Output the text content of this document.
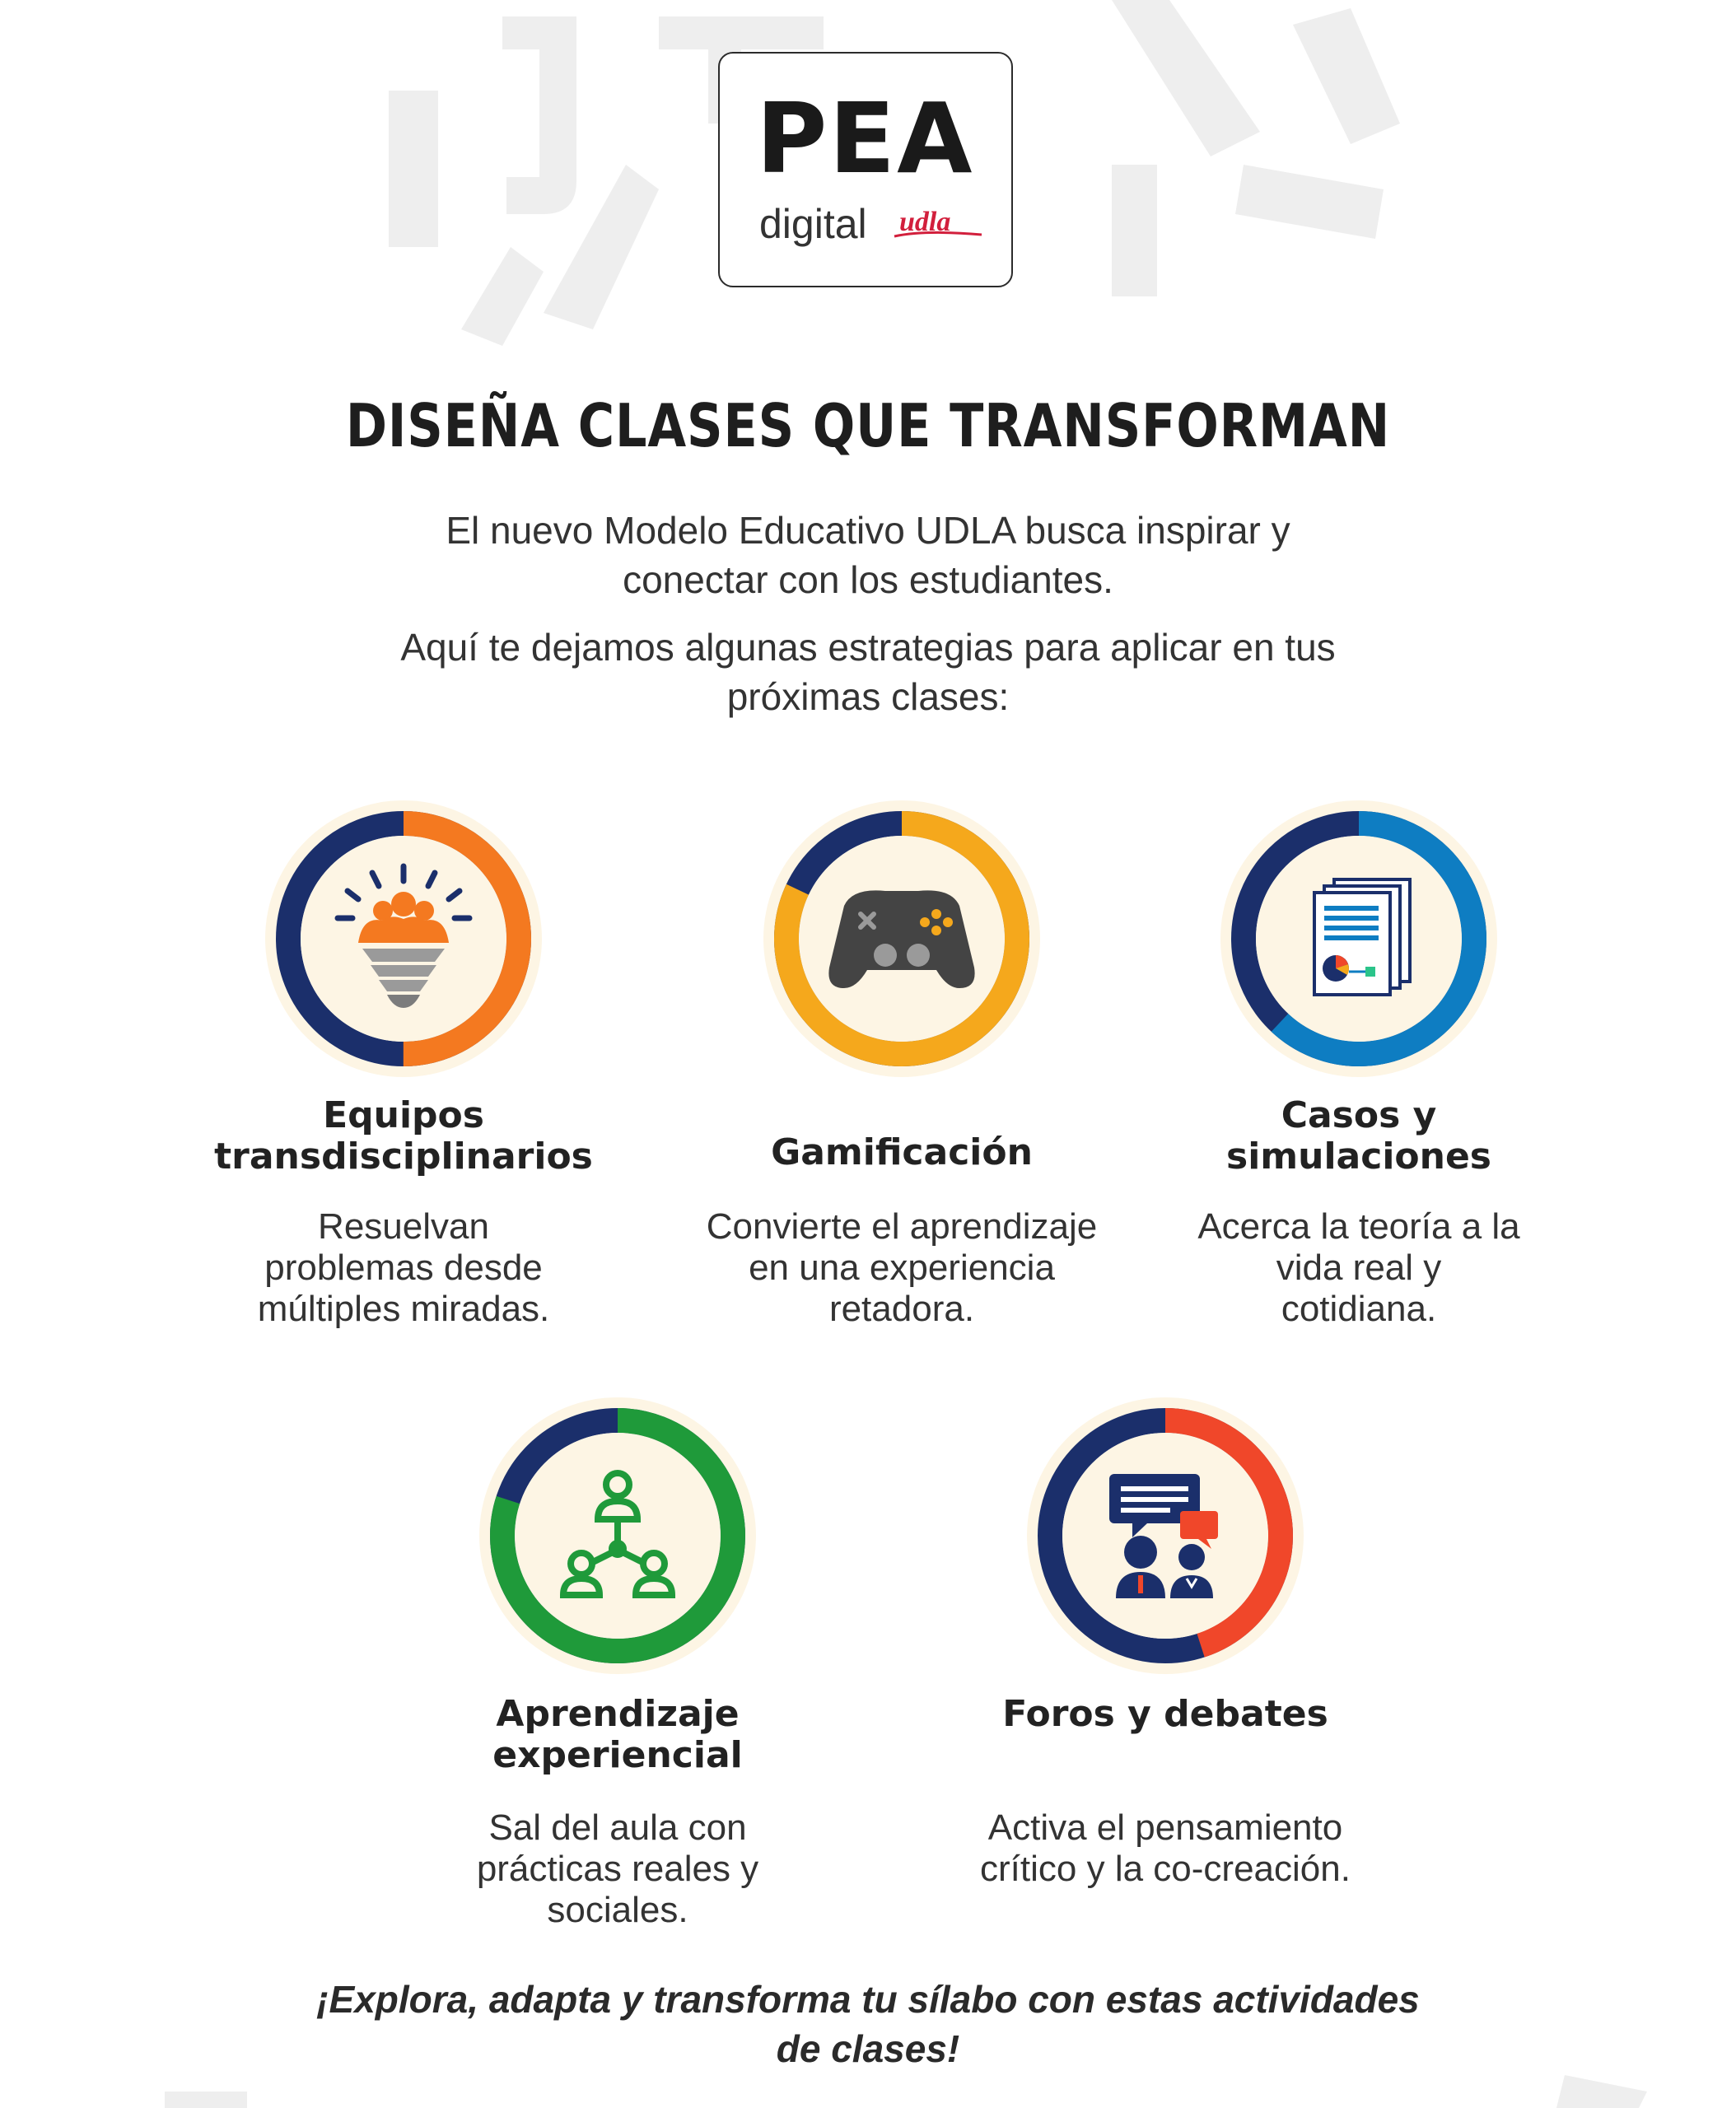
PEA
digital udla
DISEÑA CLASES QUE TRANSFORMAN
El nuevo Modelo Educativo UDLA busca inspirar y conectar con los estudiantes.
Aquí te dejamos algunas estrategias para aplicar en tus próximas clases:
Equipos transdisciplinarios
Resuelvan problemas desde múltiples miradas.
Gamificación
Convierte el aprendizaje en una experiencia retadora.
Casos y simulaciones
Acerca la teoría a la vida real y cotidiana.
Aprendizaje experiencial
Sal del aula con prácticas reales y sociales.
Foros y debates
Activa el pensamiento crítico y la co-creación.
¡Explora, adapta y transforma tu sílabo con estas actividades de clases!
